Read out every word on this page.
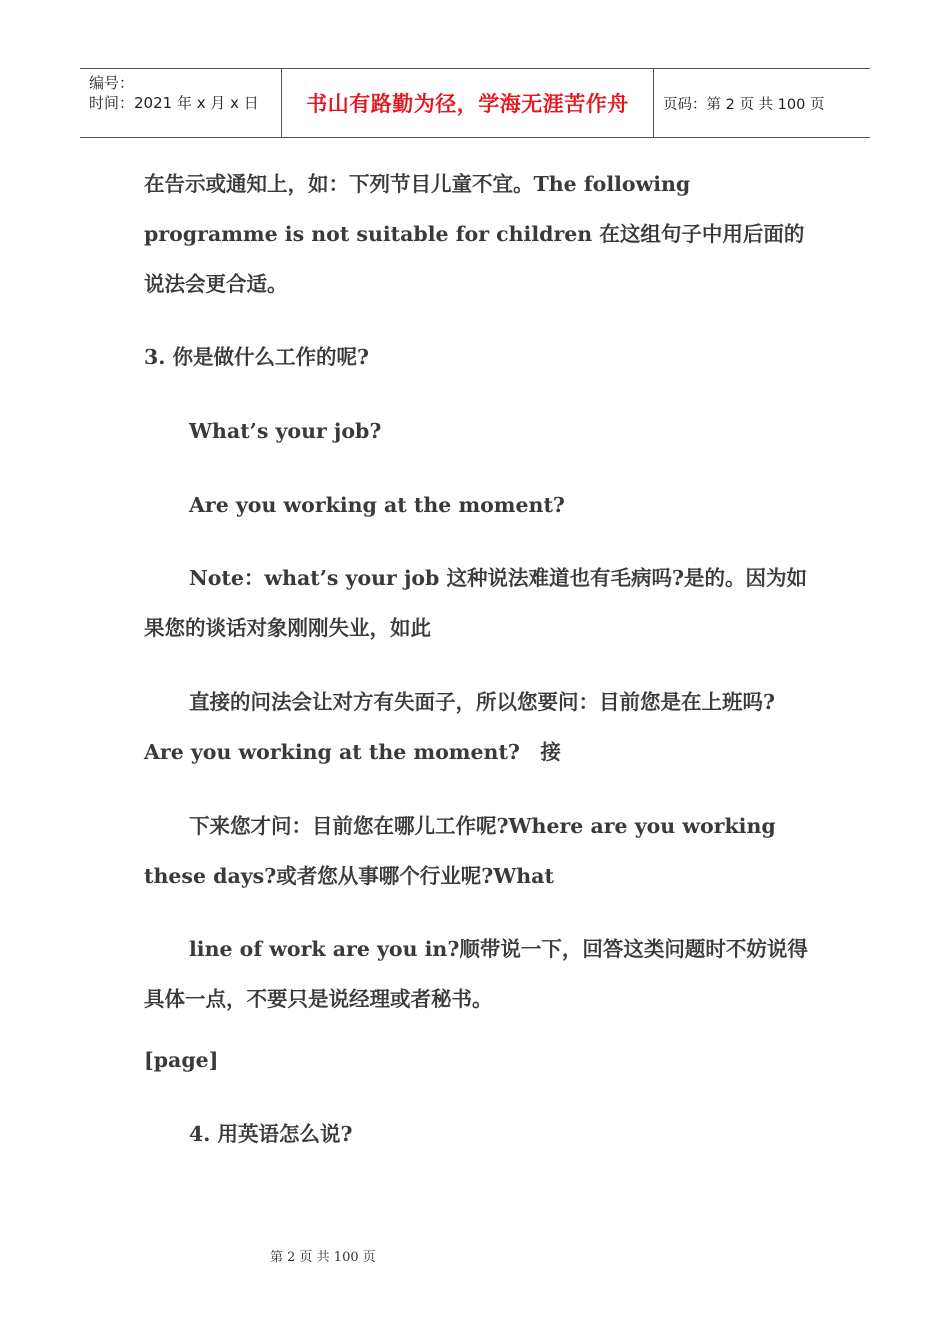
编号：
时间：2021 年 x 月 x 日	书山有路勤为径，学海无涯苦作舟	页码：第 2 页 共 100 页

在告示或通知上，如：下列节目儿童不宜。The following programme is not suitable for children 在这组句子中用后面的说法会更合适。

3. 你是做什么工作的呢?

What’s your job?

Are you working at the moment?

Note：what’s your job 这种说法难道也有毛病吗?是的。因为如果您的谈话对象刚刚失业，如此

直接的问法会让对方有失面子，所以您要问：目前您是在上班吗?Are you working at the moment?　接

下来您才问：目前您在哪儿工作呢?Where are you working these days?或者您从事哪个行业呢?What

line of work are you in?顺带说一下，回答这类问题时不妨说得具体一点，不要只是说经理或者秘书。

[page]

4. 用英语怎么说?

第 2 页 共 100 页
